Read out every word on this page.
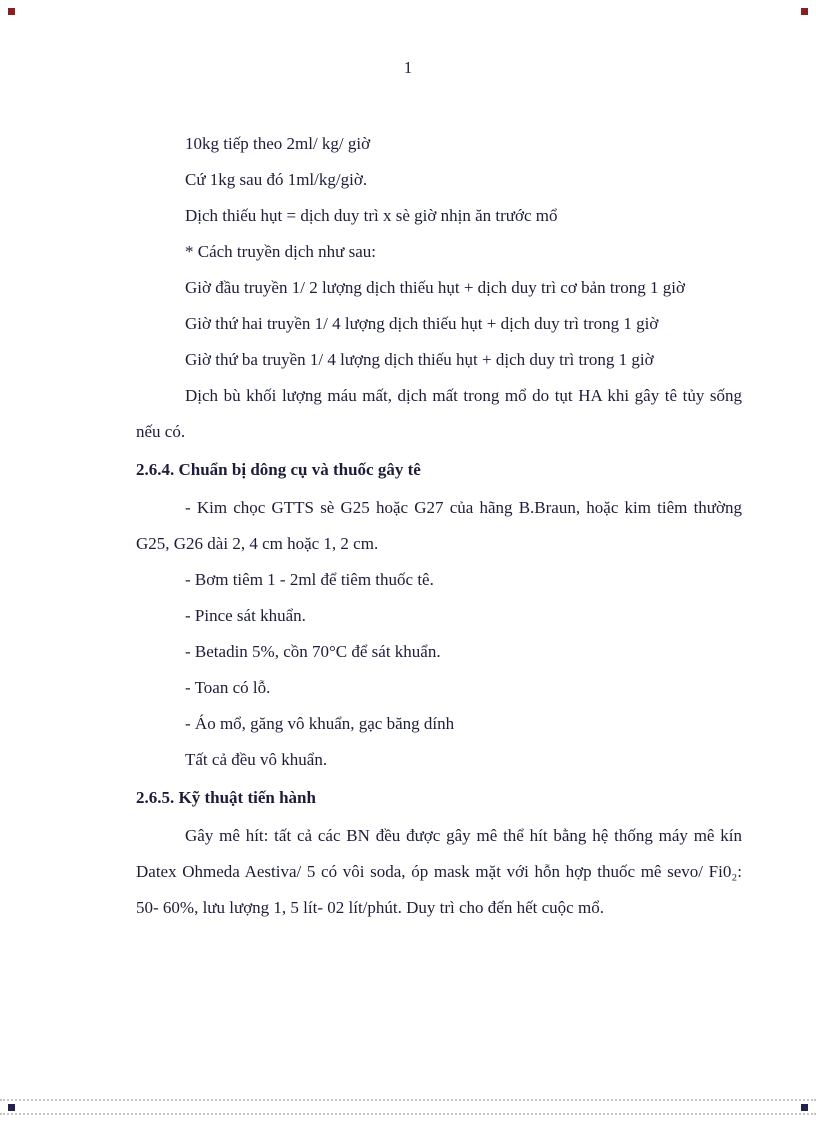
1

10kg tiếp theo 2ml/ kg/ giờ

Cứ 1kg sau đó 1ml/kg/giờ.

Dịch thiếu hụt = dịch duy trì x sè giờ nhịn ăn trước mổ

* Cách truyền dịch như sau:

Giờ đầu truyền 1/ 2 lượng dịch thiếu hụt + dịch duy trì cơ bản trong 1 giờ

Giờ thứ hai truyền 1/ 4 lượng dịch thiếu hụt + dịch duy trì trong 1 giờ

Giờ thứ ba truyền 1/ 4 lượng dịch thiếu hụt + dịch duy trì trong 1 giờ

Dịch bù khối lượng máu mất, dịch mất trong mổ do tụt HA khi gây tê tủy sống nếu có.

2.6.4. Chuẩn bị dông cụ và thuốc gây tê

- Kim chọc GTTS sè G25 hoặc G27 của hãng B.Braun, hoặc kim tiêm thường G25, G26 dài 2, 4 cm hoặc 1, 2 cm.

- Bơm tiêm 1 - 2ml để tiêm thuốc tê.

- Pince sát khuẩn.

- Betadin 5%, cồn 70°C để sát khuẩn.

- Toan có lỗ.

- Áo mổ, găng vô khuẩn, gạc băng dính

Tất cả đều vô khuẩn.

2.6.5. Kỹ thuật tiến hành

Gây mê hít: tất cả các BN đều được gây mê thể hít bằng hệ thống máy mê kín Datex Ohmeda Aestiva/ 5 có vôi soda, óp mask mặt với hỗn hợp thuốc mê sevo/ Fi0₂: 50- 60%, lưu lượng 1, 5 lít- 02 lít/phút. Duy trì cho đến hết cuộc mổ.
